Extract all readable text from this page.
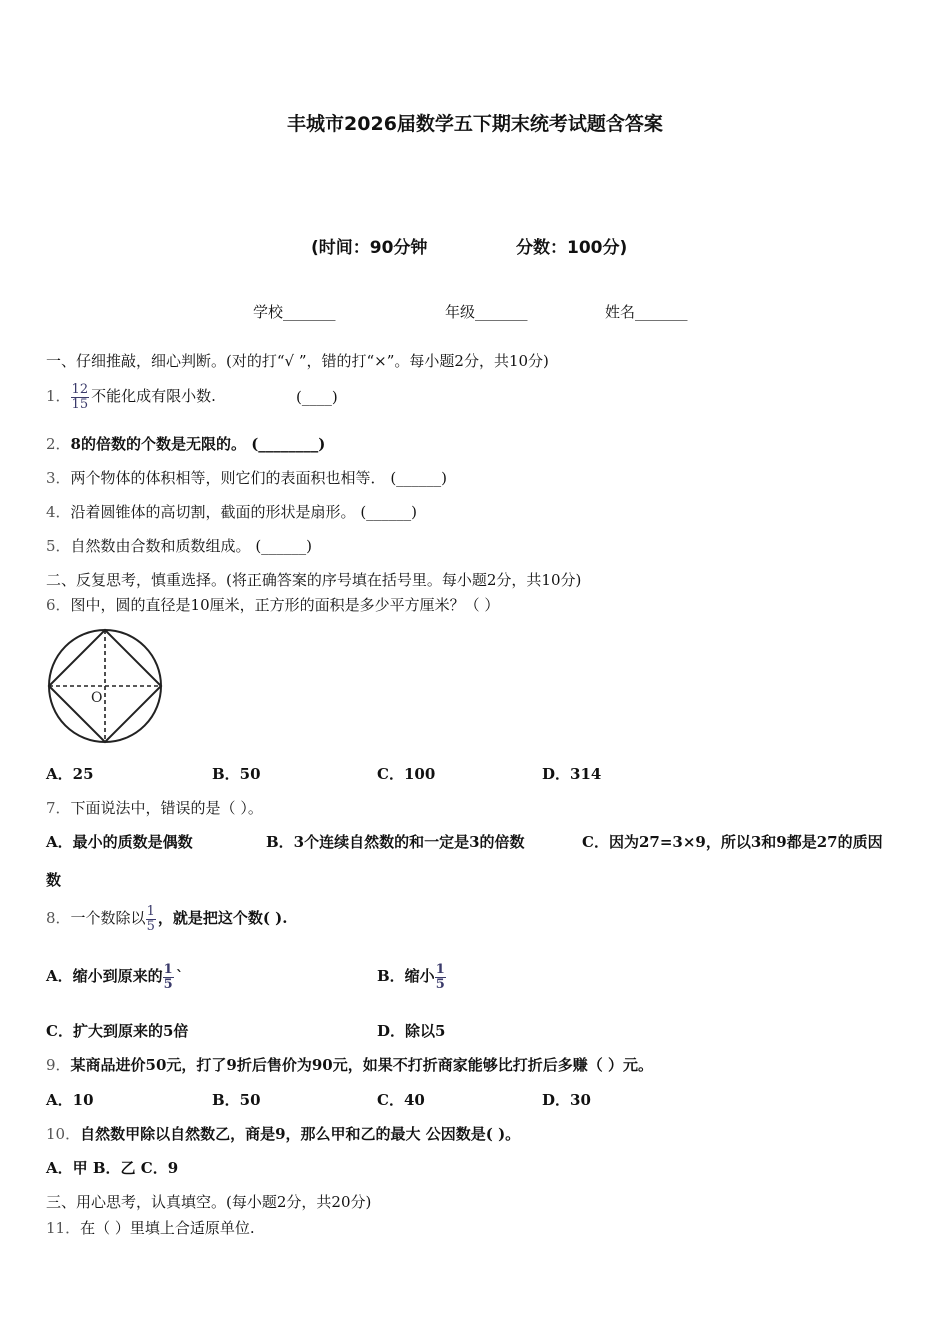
丰城市2026届数学五下期末统考试题含答案
(时间：90分钟	分数：100分)
学校_______	年级_______	姓名_______
一、仔细推敲，细心判断。(对的打“√ ”，错的打“×”。每小题2分，共10分)
1． $\frac{12}{15}$ 不能化成有限小数.	(____)
2．8的倍数的个数是无限的。 (________)
3．两个物体的体积相等，则它们的表面积也相等． (______)
4．沿着圆锥体的高切割，截面的形状是扇形。 (______)
5．自然数由合数和质数组成。 (______)
二、反复思考，慎重选择。(将正确答案的序号填在括号里。每小题2分，共10分)
6．图中，圆的直径是10厘米，正方形的面积是多少平方厘米？（ ）
O
A．25	B．50	C．100	D．314
7．下面说法中，错误的是（ ）。
A．最小的质数是偶数	B．3个连续自然数的和一定是3的倍数	C．因为27=3×9，所以3和9都是27的质因
数
8．一个数除以 $\frac{1}{5}$ ，就是把这个数( ).
A．缩小到原来的 $\frac{1}{5}$ `	B．缩小 $\frac{1}{5}$
C．扩大到原来的5倍	D．除以5
9．某商品进价50元，打了9折后售价为90元，如果不打折商家能够比打折后多赚（ ）元。
A．10	B．50	C．40	D．30
10．自然数甲除以自然数乙，商是9，那么甲和乙的最大 公因数是( )。
A．甲 B．乙 C．9
三、用心思考，认真填空。(每小题2分，共20分)
11．在（ ）里填上合适原单位.
